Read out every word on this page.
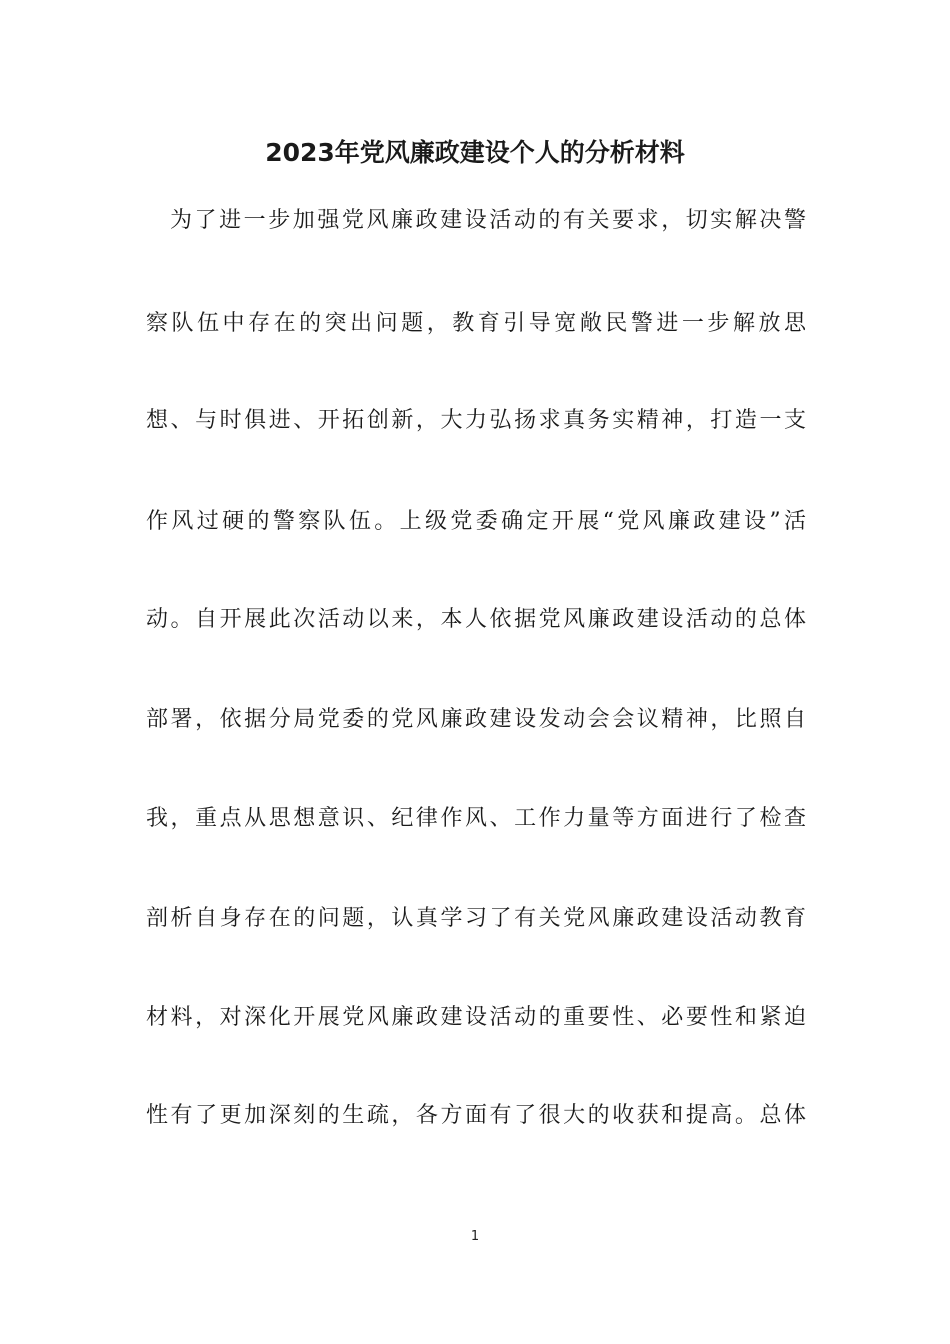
2023年党风廉政建设个人的分析材料
为了进一步加强党风廉政建设活动的有关要求，切实解决警
察队伍中存在的突出问题，教育引导宽敞民警进一步解放思
想、与时俱进、开拓创新，大力弘扬求真务实精神，打造一支
作风过硬的警察队伍。上级党委确定开展“党风廉政建设”活
动。自开展此次活动以来，本人依据党风廉政建设活动的总体
部署，依据分局党委的党风廉政建设发动会会议精神，比照自
我，重点从思想意识、纪律作风、工作力量等方面进行了检查
剖析自身存在的问题，认真学习了有关党风廉政建设活动教育
材料，对深化开展党风廉政建设活动的重要性、必要性和紧迫
性有了更加深刻的生疏，各方面有了很大的收获和提高。总体
1
